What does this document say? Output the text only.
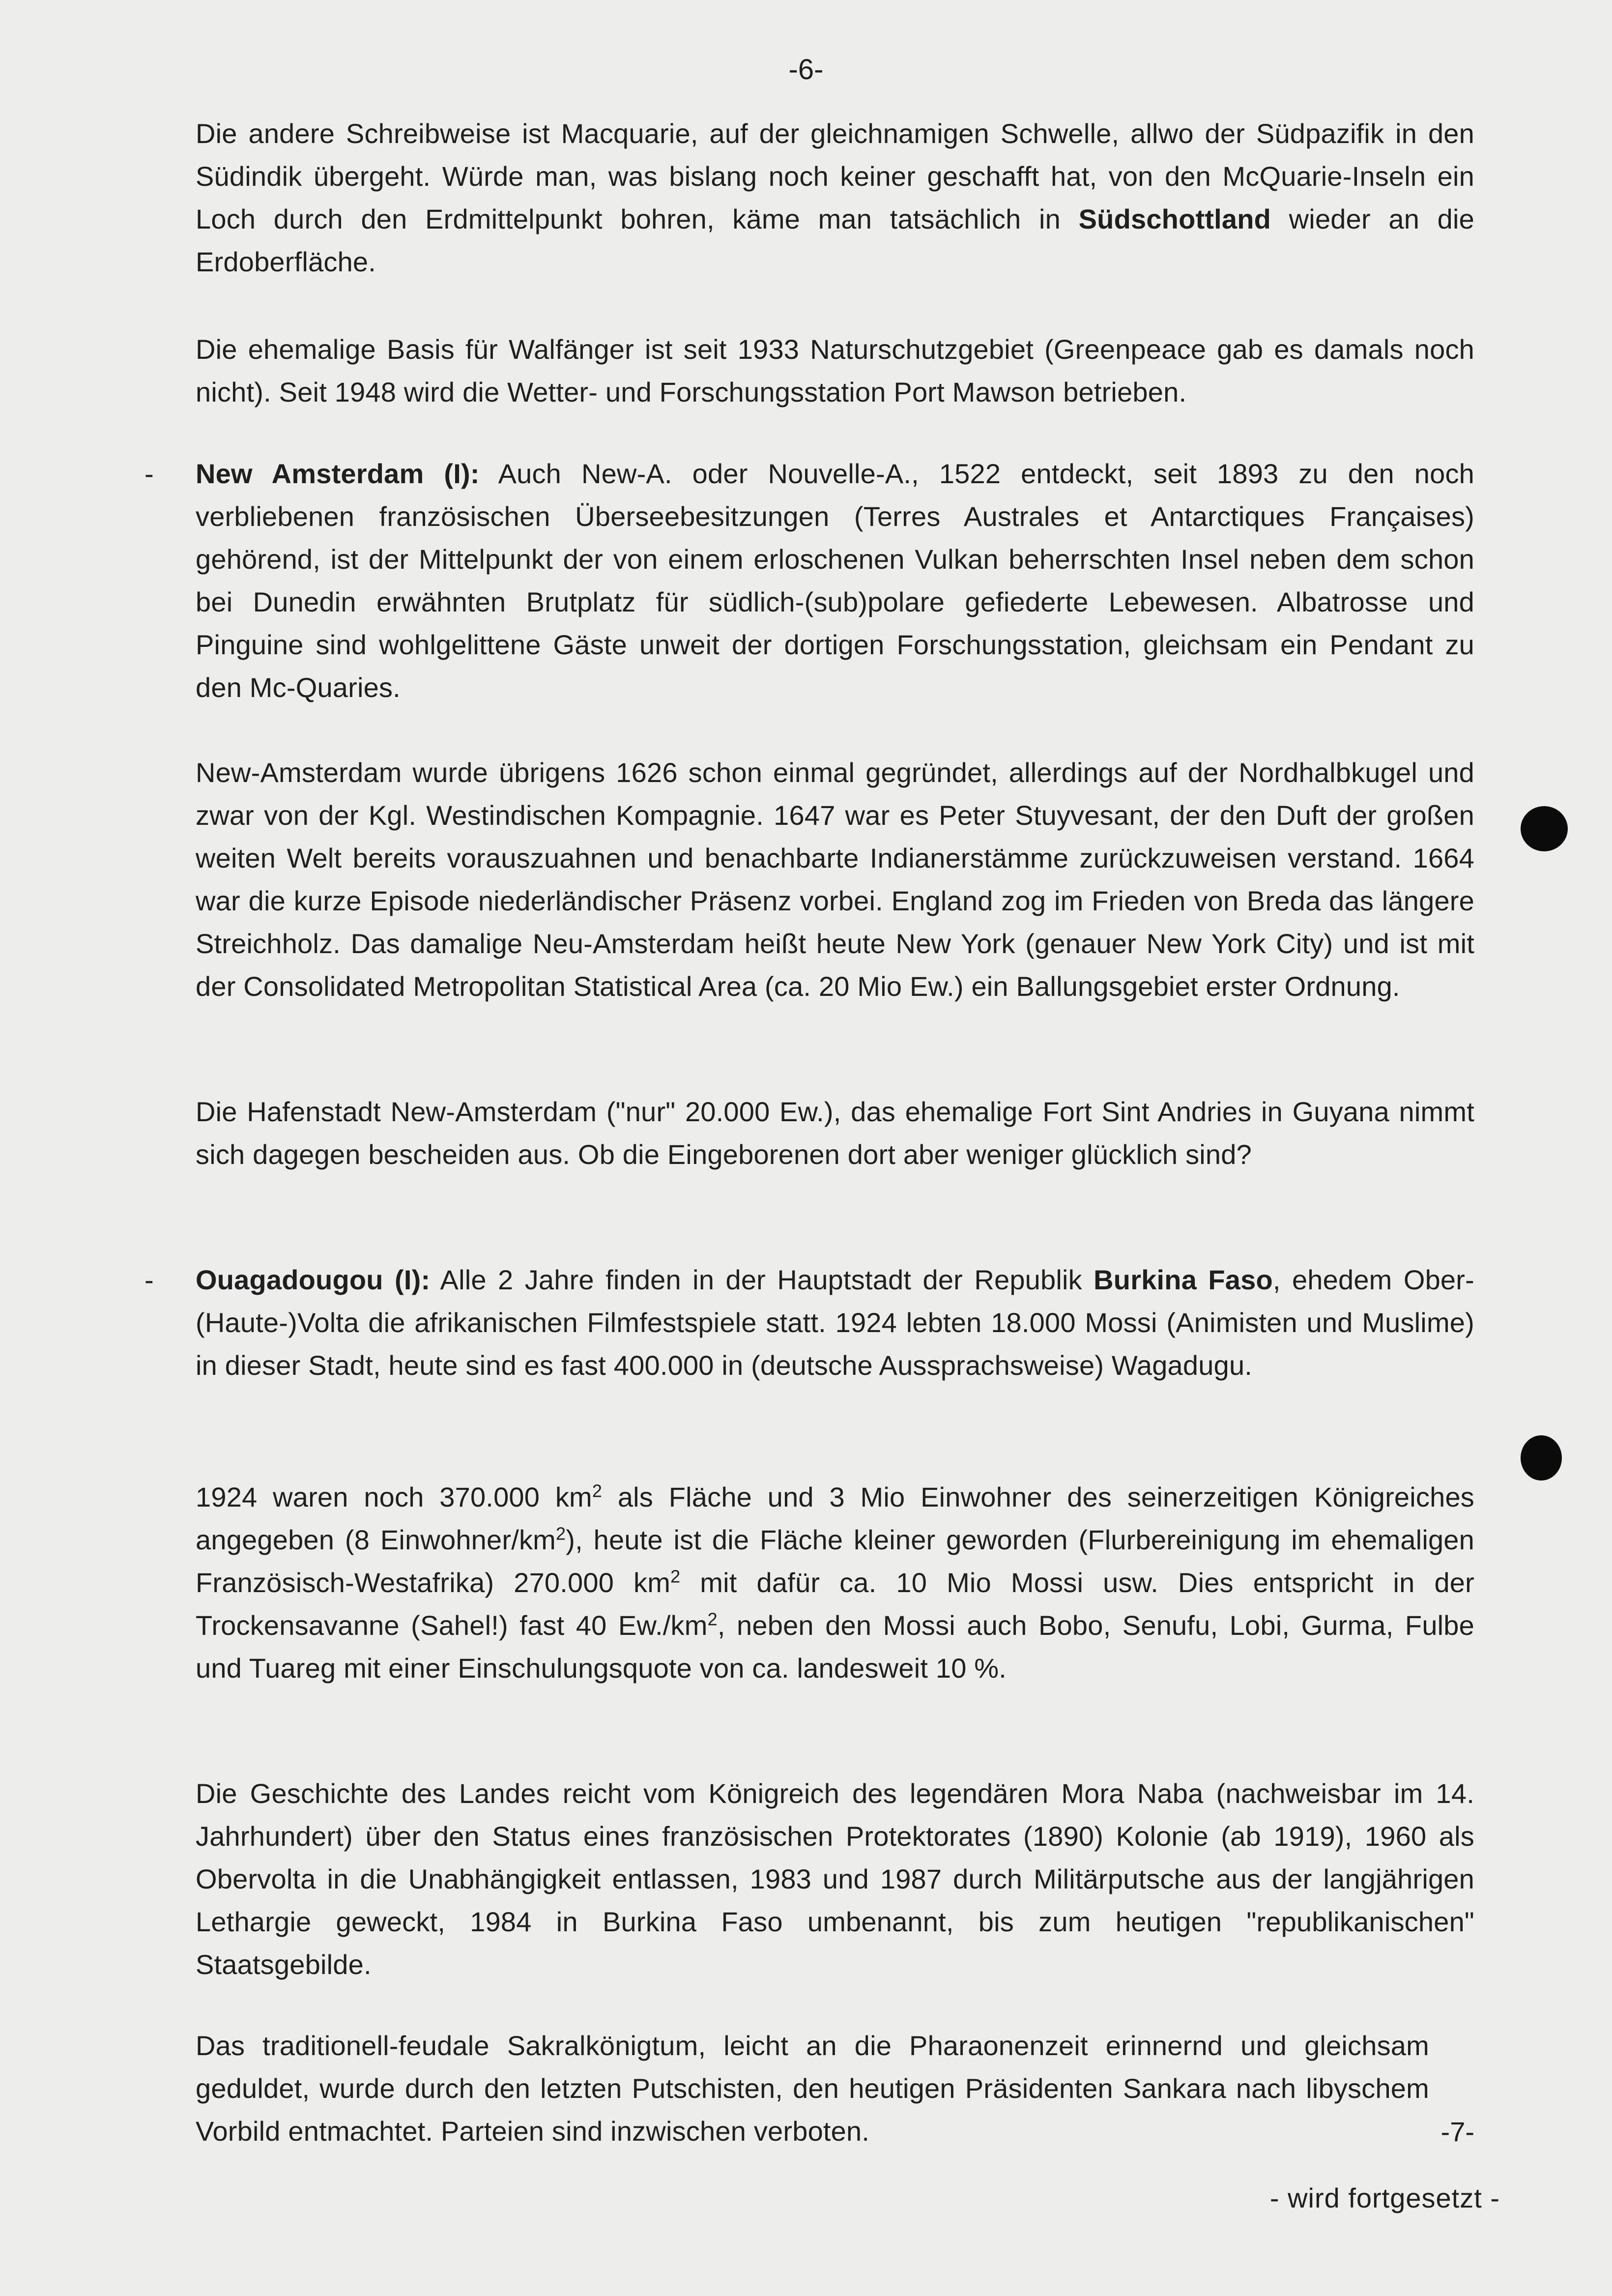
-6-

Die andere Schreibweise ist Macquarie, auf der gleichnamigen Schwelle, allwo der Südpazifik in den Südindik übergeht. Würde man, was bislang noch keiner geschafft hat, von den McQuarie-Inseln ein Loch durch den Erdmittelpunkt bohren, käme man tatsächlich in Südschottland wieder an die Erdoberfläche.

Die ehemalige Basis für Walfänger ist seit 1933 Naturschutzgebiet (Greenpeace gab es damals noch nicht). Seit 1948 wird die Wetter- und Forschungsstation Port Mawson betrieben.

- New Amsterdam (I): Auch New-A. oder Nouvelle-A., 1522 entdeckt, seit 1893 zu den noch verbliebenen französischen Überseebesitzungen (Terres Australes et Antarctiques Françaises) gehörend, ist der Mittelpunkt der von einem erloschenen Vulkan beherrschten Insel neben dem schon bei Dunedin erwähnten Brutplatz für südlich-(sub)polare gefiederte Lebewesen. Albatrosse und Pinguine sind wohlgelittene Gäste unweit der dortigen Forschungsstation, gleichsam ein Pendant zu den Mc-Quaries.

New-Amsterdam wurde übrigens 1626 schon einmal gegründet, allerdings auf der Nordhalbkugel und zwar von der Kgl. Westindischen Kompagnie. 1647 war es Peter Stuyvesant, der den Duft der großen weiten Welt bereits vorauszuahnen und benachbarte Indianerstämme zurückzuweisen verstand. 1664 war die kurze Episode niederländischer Präsenz vorbei. England zog im Frieden von Breda das längere Streichholz. Das damalige Neu-Amsterdam heißt heute New York (genauer New York City) und ist mit der Consolidated Metropolitan Statistical Area (ca. 20 Mio Ew.) ein Ballungsgebiet erster Ordnung.

Die Hafenstadt New-Amsterdam ("nur" 20.000 Ew.), das ehemalige Fort Sint Andries in Guyana nimmt sich dagegen bescheiden aus. Ob die Eingeborenen dort aber weniger glücklich sind?

- Ouagadougou (I): Alle 2 Jahre finden in der Hauptstadt der Republik Burkina Faso, ehedem Ober-(Haute-)Volta die afrikanischen Filmfestspiele statt. 1924 lebten 18.000 Mossi (Animisten und Muslime) in dieser Stadt, heute sind es fast 400.000 in (deutsche Aussprachsweise) Wagadugu.

1924 waren noch 370.000 $km^2$ als Fläche und 3 Mio Einwohner des seinerzeitigen Königreiches angegeben (8 Einwohner/$km^2$), heute ist die Fläche kleiner geworden (Flurbereinigung im ehemaligen Französisch-Westafrika) 270.000 $km^2$ mit dafür ca. 10 Mio Mossi usw. Dies entspricht in der Trockensavanne (Sahel!) fast 40 $Ew./km^2$, neben den Mossi auch Bobo, Senufu, Lobi, Gurma, Fulbe und Tuareg mit einer Einschulungsquote von ca. landesweit 10 %.

Die Geschichte des Landes reicht vom Königreich des legendären Mora Naba (nachweisbar im 14. Jahrhundert) über den Status eines französischen Protektorates (1890) Kolonie (ab 1919), 1960 als Obervolta in die Unabhängigkeit entlassen, 1983 und 1987 durch Militärputsche aus der langjährigen Lethargie geweckt, 1984 in Burkina Faso umbenannt, bis zum heutigen "republikanischen" Staatsgebilde.

Das traditionell-feudale Sakralkönigtum, leicht an die Pharaonenzeit erinnernd und gleichsam geduldet, wurde durch den letzten Putschisten, den heutigen Präsidenten Sankara nach libyschem Vorbild entmachtet. Parteien sind inzwischen verboten.	-7-
- wird fortgesetzt -
